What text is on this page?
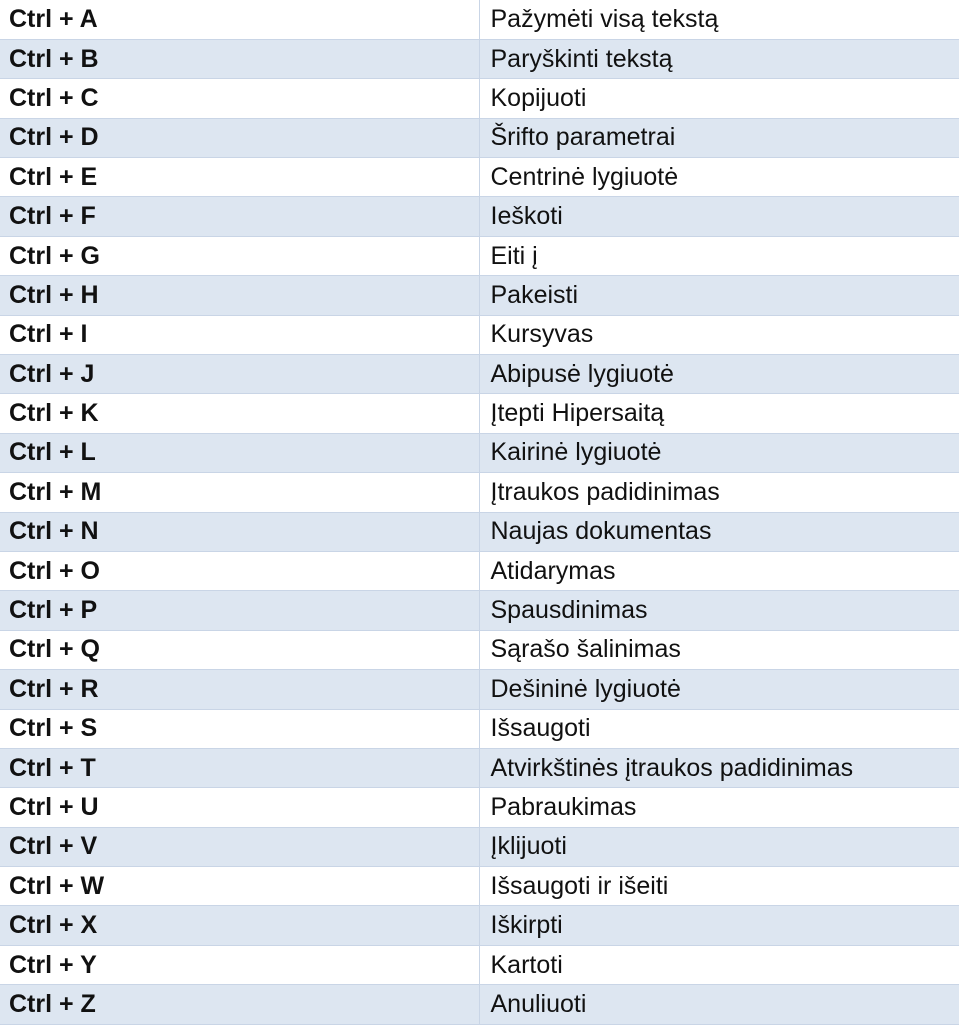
Ctrl + A	Pažymėti visą tekstą
Ctrl + B	Paryškinti tekstą
Ctrl + C	Kopijuoti
Ctrl + D	Šrifto parametrai
Ctrl + E	Centrinė lygiuotė
Ctrl + F	Ieškoti
Ctrl + G	Eiti į
Ctrl + H	Pakeisti
Ctrl + I	Kursyvas
Ctrl + J	Abipusė lygiuotė
Ctrl + K	Įtepti Hipersaitą
Ctrl + L	Kairinė lygiuotė
Ctrl + M	Įtraukos padidinimas
Ctrl + N	Naujas dokumentas
Ctrl + O	Atidarymas
Ctrl + P	Spausdinimas
Ctrl + Q	Sąrašo šalinimas
Ctrl + R	Dešininė lygiuotė
Ctrl + S	Išsaugoti
Ctrl + T	Atvirkštinės įtraukos padidinimas
Ctrl + U	Pabraukimas
Ctrl + V	Įklijuoti
Ctrl + W	Išsaugoti ir išeiti
Ctrl + X	Iškirpti
Ctrl + Y	Kartoti
Ctrl + Z	Anuliuoti
